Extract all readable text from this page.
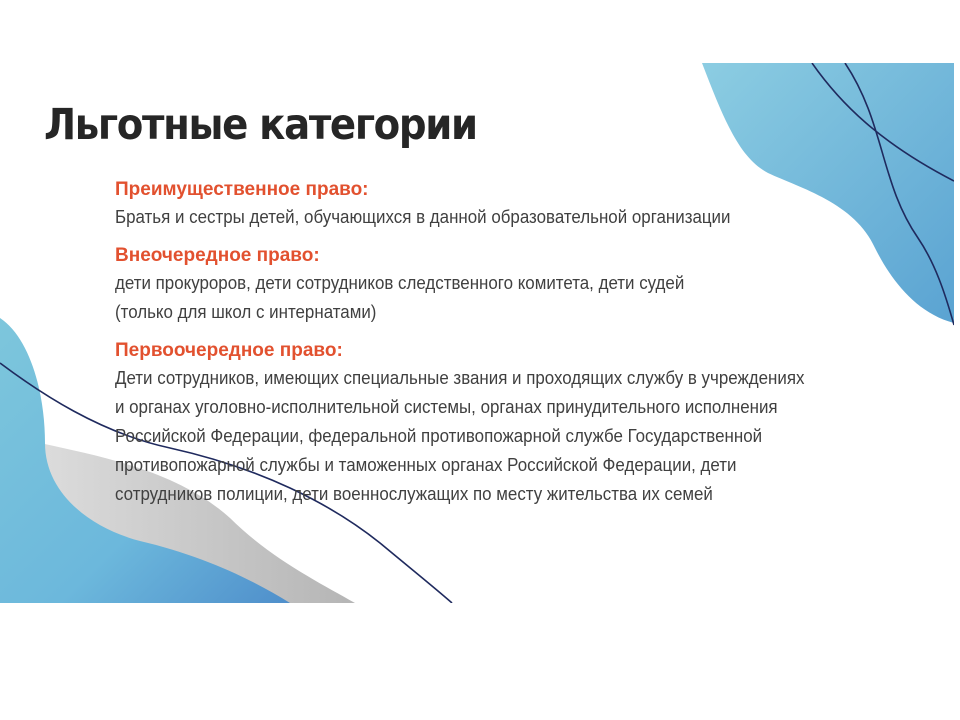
Льготные категории

Преимущественное право:

Братья и сестры детей, обучающихся в данной образовательной организации

Внеочередное право:

дети прокуроров, дети сотрудников следственного комитета, дети судей
(только для школ с интернатами)

Первоочередное право:

Дети сотрудников, имеющих специальные звания и проходящих службу в учреждениях
и органах уголовно-исполнительной системы, органах принудительного исполнения
Российской Федерации, федеральной противопожарной службе Государственной
противопожарной службы и таможенных органах Российской Федерации, дети
сотрудников полиции, дети военнослужащих по месту жительства их семей
